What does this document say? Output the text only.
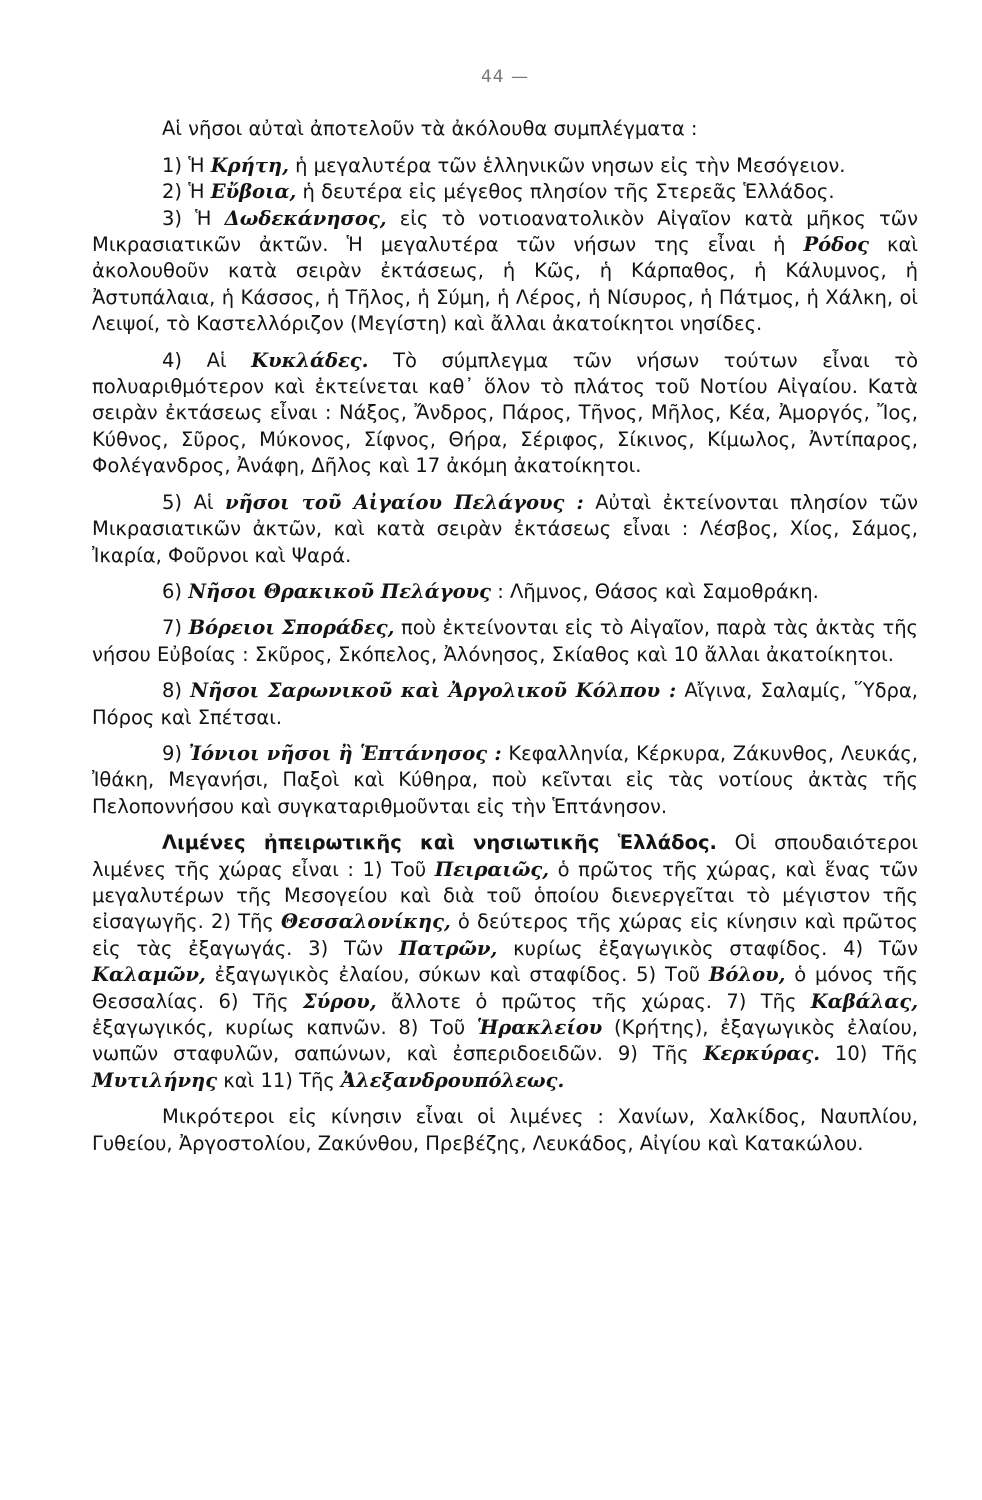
44 —

Αἱ νῆσοι αὐταὶ ἀποτελοῦν τὰ ἀκόλουθα συμπλέγματα :

1) Ἡ Κρήτη, ἡ μεγαλυτέρα τῶν ἑλληνικῶν νησων εἰς τὴν Μεσόγειον.

2) Ἡ Εὔβοια, ἡ δευτέρα εἰς μέγεθος πλησίον τῆς Στερεᾶς Ἑλλάδος.

3) Ἡ Δωδεκάνησος, εἰς τὸ νοτιοανατολικὸν Αἰγαῖον κατὰ μῆκος τῶν Μικρασιατικῶν ἀκτῶν. Ἡ μεγαλυτέρα τῶν νήσων της εἶναι ἡ Ρόδος καὶ ἀκολουθοῦν κατὰ σειρὰν ἐκτάσεως, ἡ Κῶς, ἡ Κάρπαθος, ἡ Κάλυμνος, ἡ Ἀστυπάλαια, ἡ Κάσσος, ἡ Τῆλος, ἡ Σύμη, ἡ Λέρος, ἡ Νίσυρος, ἡ Πάτμος, ἡ Χάλκη, οἱ Λειψοί, τὸ Καστελλόριζον (Μεγίστη) καὶ ἄλλαι ἀκατοίκητοι νησίδες.

4) Αἱ Κυκλάδες. Τὸ σύμπλεγμα τῶν νήσων τούτων εἶναι τὸ πολυαριθμότερον καὶ ἐκτείνεται καθ᾽ ὅλον τὸ πλάτος τοῦ Νοτίου Αἰγαίου. Κατὰ σειρὰν ἐκτάσεως εἶναι : Νάξος, Ἄνδρος, Πάρος, Τῆνος, Μῆλος, Κέα, Ἀμοργός, Ἴος, Κύθνος, Σῦρος, Μύκονος, Σίφνος, Θήρα, Σέριφος, Σίκινος, Κίμωλος, Ἀντίπαρος, Φολέγανδρος, Ἀνάφη, Δῆλος καὶ 17 ἀκόμη ἀκατοίκητοι.

5) Αἱ νῆσοι τοῦ Αἰγαίου Πελάγους : Αὐταὶ ἐκτείνονται πλησίον τῶν Μικρασιατικῶν ἀκτῶν, καὶ κατὰ σειρὰν ἐκτάσεως εἶναι : Λέσβος, Χίος, Σάμος, Ἰκαρία, Φοῦρνοι καὶ Ψαρά.

6) Νῆσοι Θρακικοῦ Πελάγους : Λῆμνος, Θάσος καὶ Σαμοθράκη.

7) Βόρειοι Σποράδες, ποὺ ἐκτείνονται εἰς τὸ Αἰγαῖον, παρὰ τὰς ἀκτὰς τῆς νήσου Εὐβοίας : Σκῦρος, Σκόπελος, Ἀλόνησος, Σκίαθος καὶ 10 ἄλλαι ἀκατοίκητοι.

8) Νῆσοι Σαρωνικοῦ καὶ Ἀργολικοῦ Κόλπου : Αἴγινα, Σαλαμίς, Ὕδρα, Πόρος καὶ Σπέτσαι.

9) Ἰόνιοι νῆσοι ἢ Ἑπτάνησος : Κεφαλληνία, Κέρκυρα, Ζάκυνθος, Λευκάς, Ἰθάκη, Μεγανήσι, Παξοὶ καὶ Κύθηρα, ποὺ κεῖνται εἰς τὰς νοτίους ἀκτὰς τῆς Πελοποννήσου καὶ συγκαταριθμοῦνται εἰς τὴν Ἑπτάνησον.

Λιμένες ἠπειρωτικῆς καὶ νησιωτικῆς Ἑλλάδος. Οἱ σπουδαιότεροι λιμένες τῆς χώρας εἶναι : 1) Τοῦ Πειραιῶς, ὁ πρῶτος τῆς χώρας, καὶ ἕνας τῶν μεγαλυτέρων τῆς Μεσογείου καὶ διὰ τοῦ ὁποίου διενεργεῖται τὸ μέγιστον τῆς εἰσαγωγῆς. 2) Τῆς Θεσσαλονίκης, ὁ δεύτερος τῆς χώρας εἰς κίνησιν καὶ πρῶτος εἰς τὰς ἐξαγωγάς. 3) Τῶν Πατρῶν, κυρίως ἐξαγωγικὸς σταφίδος. 4) Τῶν Καλαμῶν, ἐξαγωγικὸς ἐλαίου, σύκων καὶ σταφίδος. 5) Τοῦ Βόλου, ὁ μόνος τῆς Θεσσαλίας. 6) Τῆς Σύρου, ἄλλοτε ὁ πρῶτος τῆς χώρας. 7) Τῆς Καβάλας, ἐξαγωγικός, κυρίως καπνῶν. 8) Τοῦ Ἡρακλείου (Κρήτης), ἐξαγωγικὸς ἐλαίου, νωπῶν σταφυλῶν, σαπώνων, καὶ ἐσπεριδοειδῶν. 9) Τῆς Κερκύρας. 10) Τῆς Μυτιλήνης καὶ 11) Τῆς Ἀλεξανδρουπόλεως.

Μικρότεροι εἰς κίνησιν εἶναι οἱ λιμένες : Χανίων, Χαλκίδος, Ναυπλίου, Γυθείου, Ἀργοστολίου, Ζακύνθου, Πρεβέζης, Λευκάδος, Αἰγίου καὶ Κατακώλου.
